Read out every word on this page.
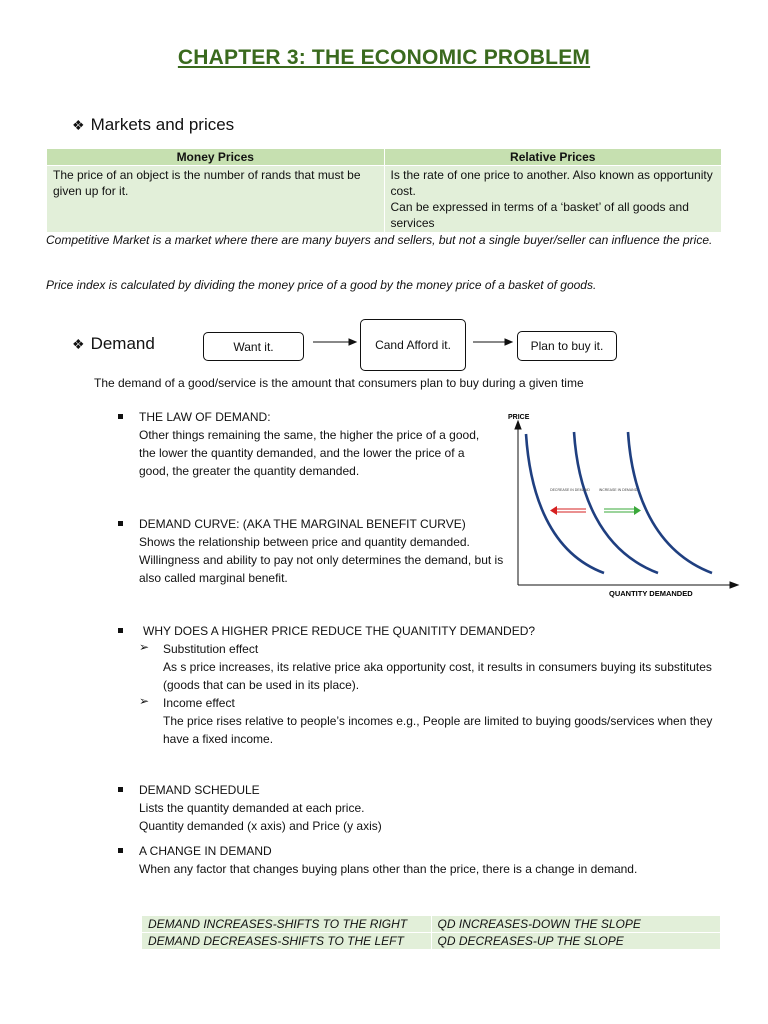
CHAPTER 3: THE ECONOMIC PROBLEM
❖ Markets and prices
Money Prices	Relative Prices
The price of an object is the number of rands that must be given up for it.	Is the rate of one price to another. Also known as opportunity cost.
Can be expressed in terms of a ‘basket’ of all goods and services
Competitive Market is a market where there are many buyers and sellers, but not a single buyer/seller can influence the price.
Price index is calculated by dividing the money price of a good by the money price of a basket of goods.
❖ Demand	Want it.	Cand Afford it.	Plan to buy it.
The demand of a good/service is the amount that consumers plan to buy during a given time
THE LAW OF DEMAND:
Other things remaining the same, the higher the price of a good, the lower the quantity demanded, and the lower the price of a good, the greater the quantity demanded.
DEMAND CURVE: (AKA THE MARGINAL BENEFIT CURVE)
Shows the relationship between price and quantity demanded.
Willingness and ability to pay not only determines the demand, but is also called marginal benefit.
PRICE
DECREASE IN DEMAND	INCREASE IN DEMAND
QUANTITY DEMANDED
WHY DOES A HIGHER PRICE REDUCE THE QUANITITY DEMANDED?
➢ Substitution effect
As s price increases, its relative price aka opportunity cost, it results in consumers buying its substitutes (goods that can be used in its place).
➢ Income effect
The price rises relative to people’s incomes e.g., People are limited to buying goods/services when they have a fixed income.
DEMAND SCHEDULE
Lists the quantity demanded at each price.
Quantity demanded (x axis) and Price (y axis)
A CHANGE IN DEMAND
When any factor that changes buying plans other than the price, there is a change in demand.
DEMAND INCREASES-SHIFTS TO THE RIGHT	QD INCREASES-DOWN THE SLOPE
DEMAND DECREASES-SHIFTS TO THE LEFT	QD DECREASES-UP THE SLOPE
